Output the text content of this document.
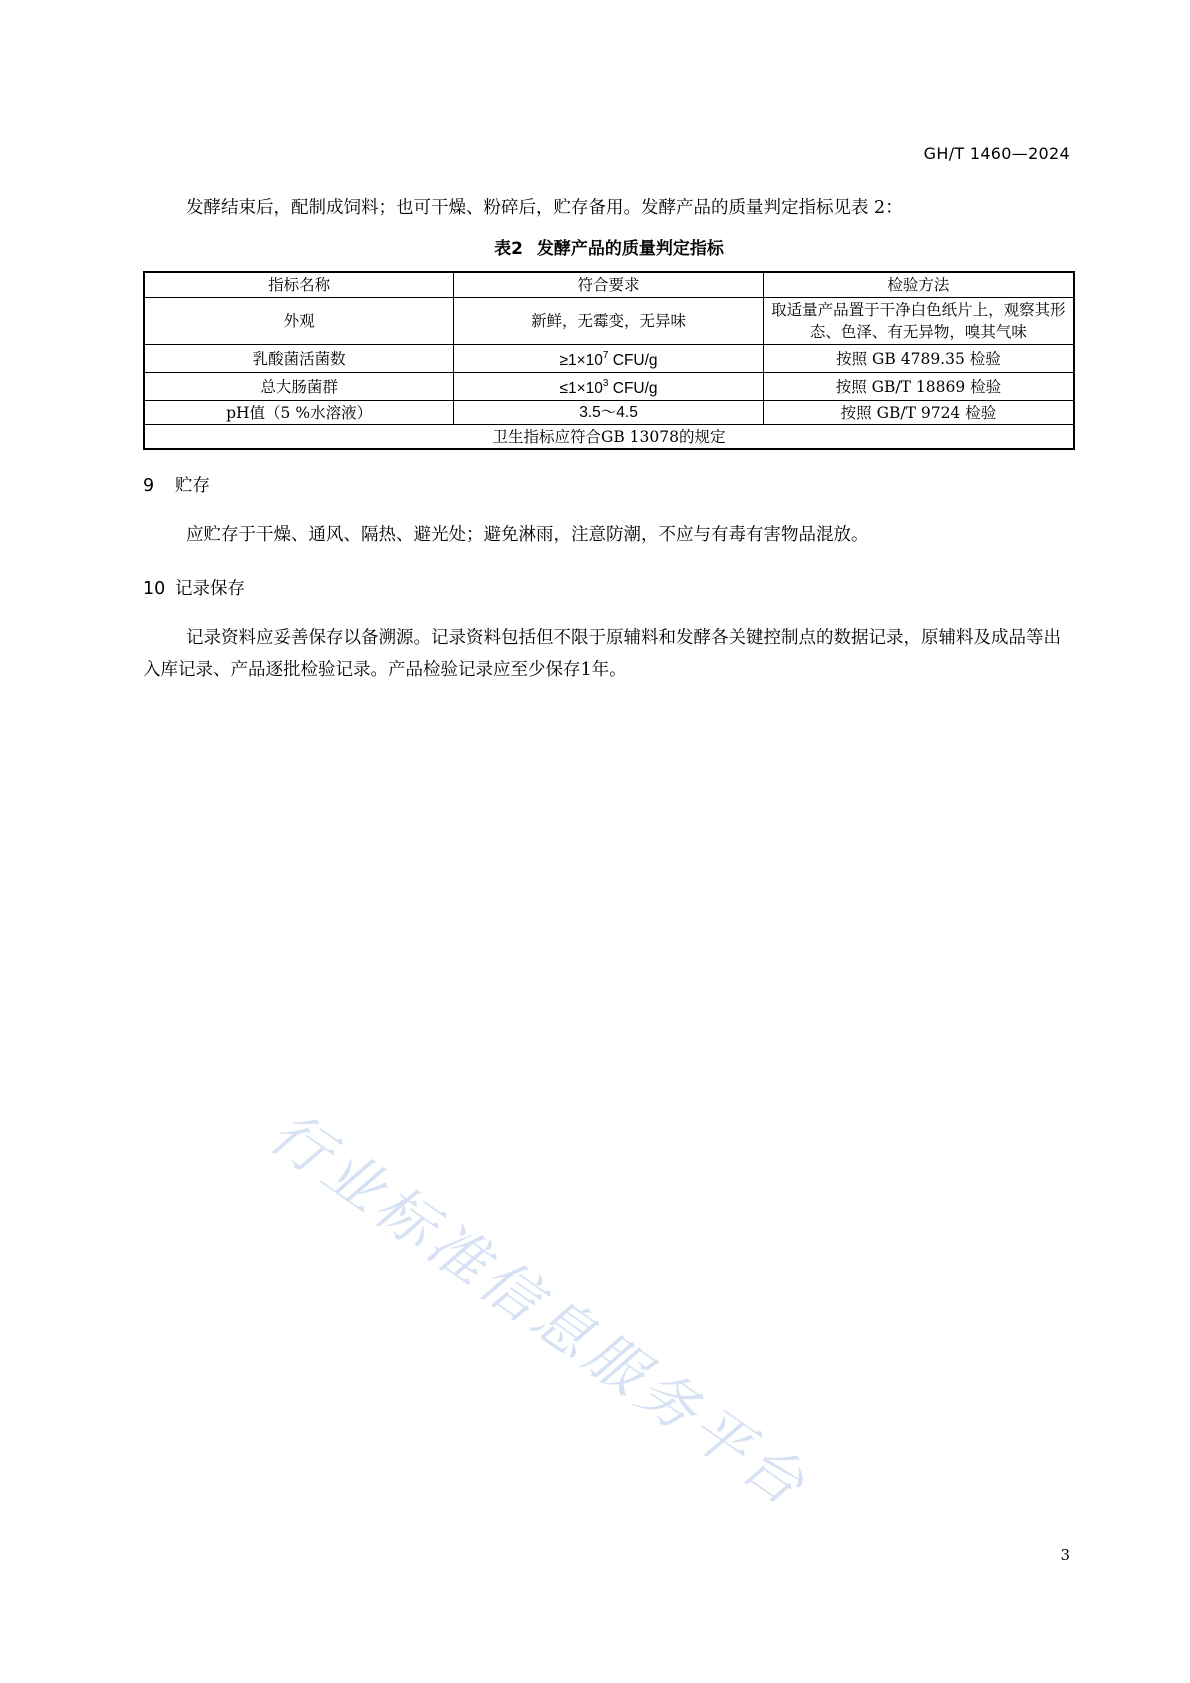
GH/T 1460—2024

发酵结束后，配制成饲料；也可干燥、粉碎后，贮存备用。发酵产品的质量判定指标见表 2：

表2 发酵产品的质量判定指标
指标名称	符合要求	检验方法
外观	新鲜，无霉变，无异味	取适量产品置于干净白色纸片上，观察其形态、色泽、有无异物，嗅其气味
乳酸菌活菌数	$\ge 1\times 10^7$ CFU/g	按照 GB 4789.35 检验
总大肠菌群	$\le 1\times 10^3$ CFU/g	按照 GB/T 18869 检验
pH值（5 %水溶液）	3.5～4.5	按照 GB/T 9724 检验
卫生指标应符合GB 13078的规定		
9 贮存

应贮存于干燥、通风、隔热、避光处；避免淋雨，注意防潮，不应与有毒有害物品混放。

10 记录保存

记录资料应妥善保存以备溯源。记录资料包括但不限于原辅料和发酵各关键控制点的数据记录，原辅料及成品等出入库记录、产品逐批检验记录。产品检验记录应至少保存1年。

行业标准信息服务平台
3
